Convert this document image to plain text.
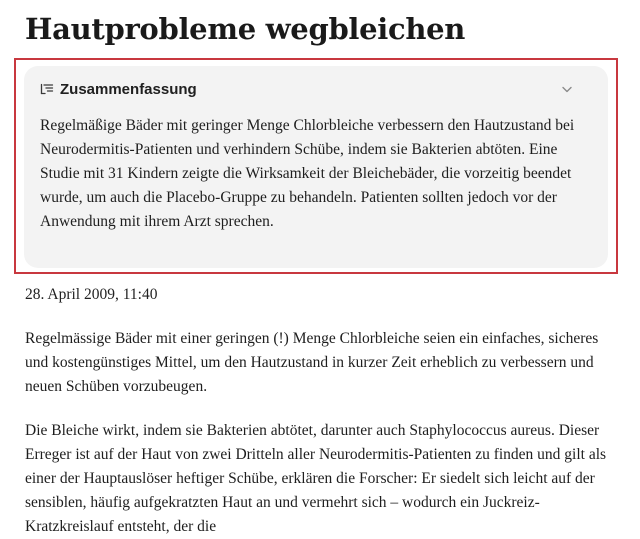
Hautprobleme wegbleichen
Zusammenfassung

Regelmäßige Bäder mit geringer Menge Chlorbleiche verbessern den Hautzustand bei Neurodermitis-Patienten und verhindern Schübe, indem sie Bakterien abtöten. Eine Studie mit 31 Kindern zeigte die Wirksamkeit der Bleichebäder, die vorzeitig beendet wurde, um auch die Placebo-Gruppe zu behandeln. Patienten sollten jedoch vor der Anwendung mit ihrem Arzt sprechen.

28. April 2009, 11:40

Regelmässige Bäder mit einer geringen (!) Menge Chlorbleiche seien ein einfaches, sicheres und kostengünstiges Mittel, um den Hautzustand in kurzer Zeit erheblich zu verbessern und neuen Schüben vorzubeugen.

Die Bleiche wirkt, indem sie Bakterien abtötet, darunter auch Staphylococcus aureus. Dieser Erreger ist auf der Haut von zwei Dritteln aller Neurodermitis-Patienten zu finden und gilt als einer der Hauptauslöser heftiger Schübe, erklären die Forscher: Er siedelt sich leicht auf der sensiblen, häufig aufgekratzten Haut an und vermehrt sich – wodurch ein Juckreiz-Kratzkreislauf entsteht, der die
